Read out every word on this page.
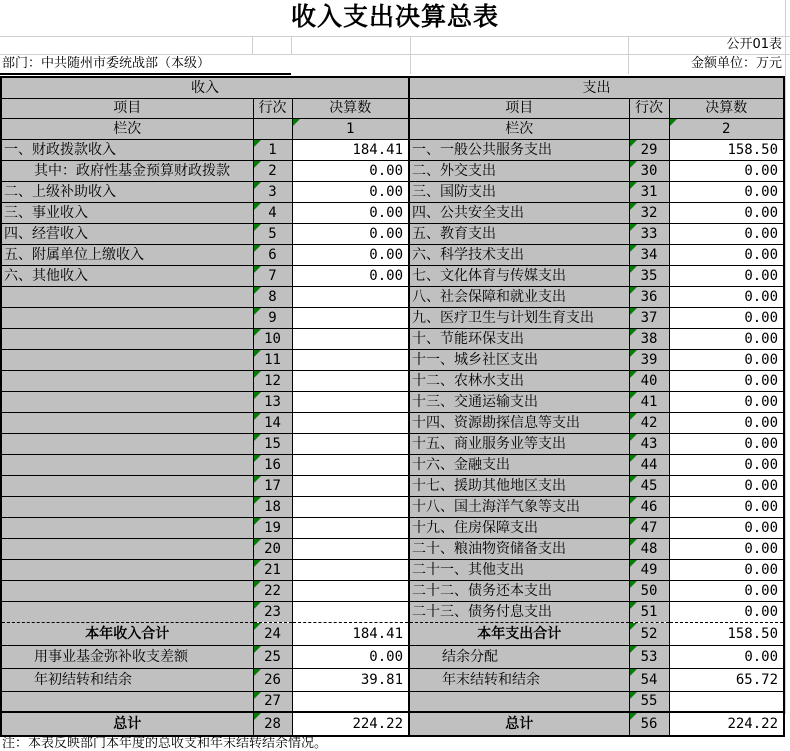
收入支出决算总表
公开01表
部门：中共随州市委统战部（本级）	金额单位：万元
收入			支出		
项目	行次	决算数	项目	行次	决算数
栏次		1	栏次		2
一、财政拨款收入	1	184.41	一、一般公共服务支出	29	158.50
其中：政府性基金预算财政拨款	2	0.00	二、外交支出	30	0.00
二、上级补助收入	3	0.00	三、国防支出	31	0.00
三、事业收入	4	0.00	四、公共安全支出	32	0.00
四、经营收入	5	0.00	五、教育支出	33	0.00
五、附属单位上缴收入	6	0.00	六、科学技术支出	34	0.00
六、其他收入	7	0.00	七、文化体育与传媒支出	35	0.00
	8		八、社会保障和就业支出	36	0.00
	9		九、医疗卫生与计划生育支出	37	0.00
	10		十、节能环保支出	38	0.00
	11		十一、城乡社区支出	39	0.00
	12		十二、农林水支出	40	0.00
	13		十三、交通运输支出	41	0.00
	14		十四、资源勘探信息等支出	42	0.00
	15		十五、商业服务业等支出	43	0.00
	16		十六、金融支出	44	0.00
	17		十七、援助其他地区支出	45	0.00
	18		十八、国土海洋气象等支出	46	0.00
	19		十九、住房保障支出	47	0.00
	20		二十、粮油物资储备支出	48	0.00
	21		二十一、其他支出	49	0.00
	22		二十二、债务还本支出	50	0.00
	23		二十三、债务付息支出	51	0.00
本年收入合计	24	184.41	本年支出合计	52	158.50
用事业基金弥补收支差额	25	0.00	结余分配	53	0.00
年初结转和结余	26	39.81	年末结转和结余	54	65.72
	27			55	
总计	28	224.22	总计	56	224.22
注：本表反映部门本年度的总收支和年末结转结余情况。
